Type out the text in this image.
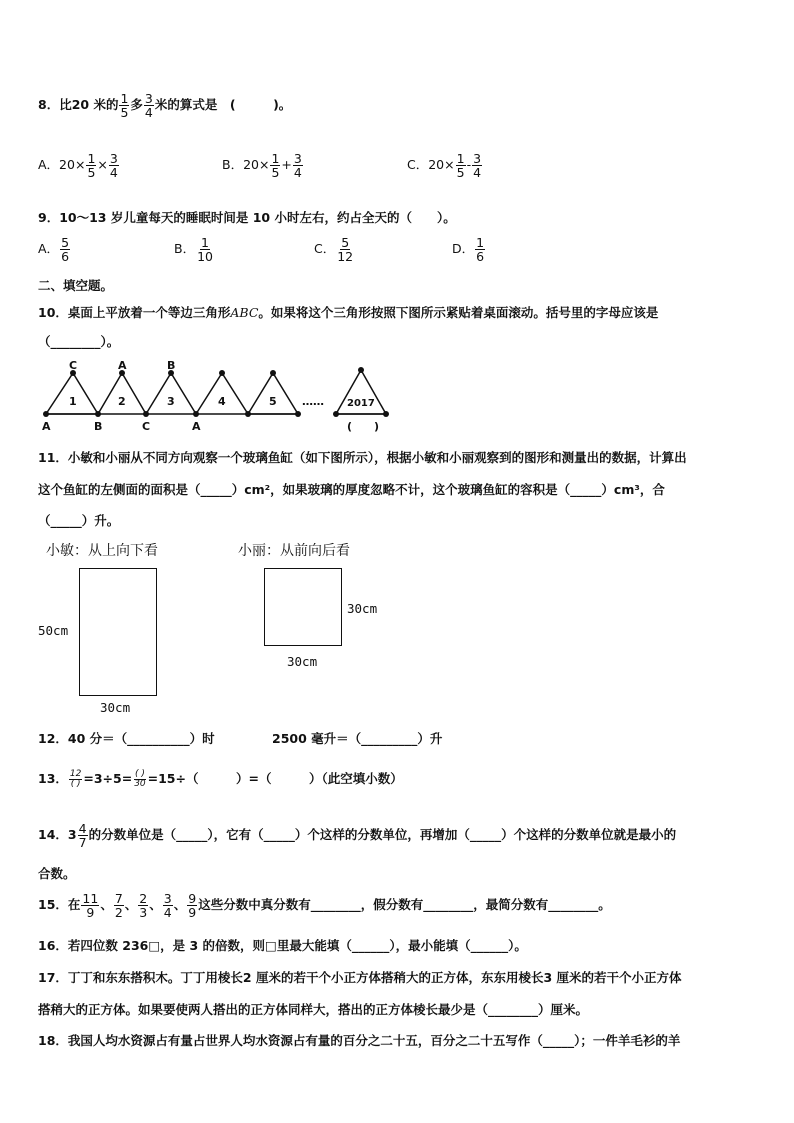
8．比20 米的 $\frac{1}{5}$ 多 $\frac{3}{4}$ 米的算式是　(　　　)。
A．$20\times \frac{1}{5} \times \frac{3}{4}$	B．$20\times \frac{1}{5} + \frac{3}{4}$	C．$20\times \frac{1}{5} - \frac{3}{4}$
9．10～13 岁儿童每天的睡眠时间是 10 小时左右，约占全天的（　　）。
A． $\frac{5}{6}$	B． $\frac{1}{10}$	C． $\frac{5}{12}$	D． $\frac{1}{6}$
二、填空题。
10．桌面上平放着一个等边三角形ABC。如果将这个三角形按照下图所示紧贴着桌面滚动。括号里的字母应该是
（________）。
C	A	B
A	B	C	A
1	2	3	4	5 …… 2017
(　　)
11．小敏和小丽从不同方向观察一个玻璃鱼缸（如下图所示），根据小敏和小丽观察到的图形和测量出的数据，计算出
这个鱼缸的左侧面的面积是（_____）cm²，如果玻璃的厚度忽略不计，这个玻璃鱼缸的容积是（_____）cm³，合
（_____）升。
小敏：从上向下看	小丽：从前向后看
50cm
30cm
30cm
30cm
12．40 分＝（__________）时	2500 毫升＝（_________）升
13． $\frac{12}{( )} =3\div 5= \frac{( )}{30} =15\div$（　　　）=（　　　）（此空填小数）
14．$3 \frac{4}{7}$ 的分数单位是（_____），它有（_____）个这样的分数单位，再增加（_____）个这样的分数单位就是最小的
合数。
15．在 $\frac{11}{9}$ 、 $\frac{7}{2}$ 、 $\frac{2}{3}$ 、 $\frac{3}{4}$ 、 $\frac{9}{9}$ 这些分数中真分数有________，假分数有________，最简分数有________。
16．若四位数 236□，是 3 的倍数，则□里最大能填（______），最小能填（______）。
17．丁丁和东东搭积木。丁丁用棱长2 厘米的若干个小正方体搭稍大的正方体，东东用棱长3 厘米的若干个小正方体
搭稍大的正方体。如果要使两人搭出的正方体同样大，搭出的正方体棱长最少是（________）厘米。
18．我国人均水资源占有量占世界人均水资源占有量的百分之二十五，百分之二十五写作（_____）；一件羊毛衫的羊
